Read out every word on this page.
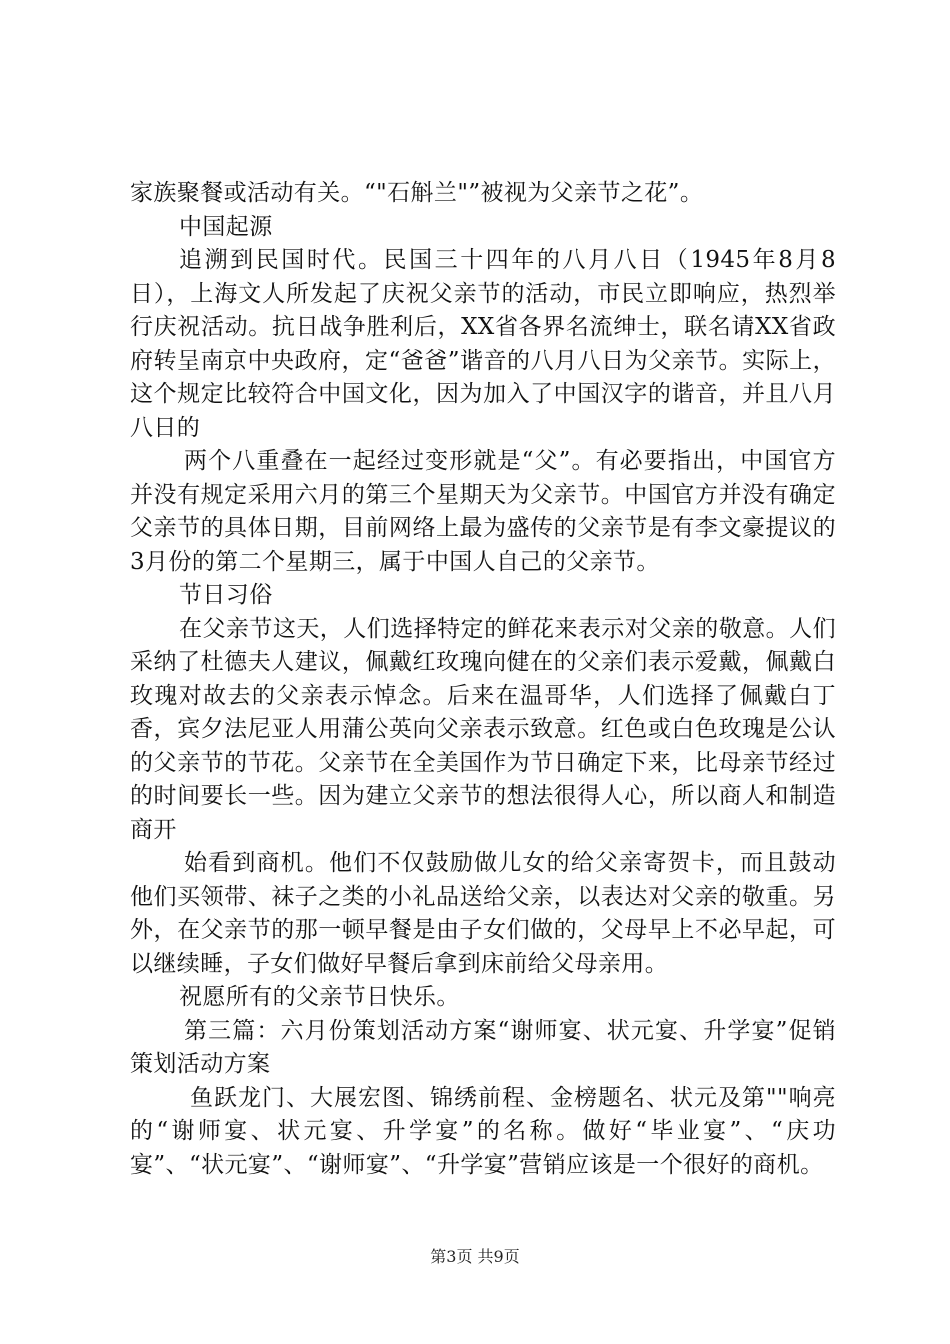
家族聚餐或活动有关。“"石斛兰"”被视为父亲节之花”。

中国起源

追溯到民国时代。民国三十四年的八月八日（1945年8月8日），上海文人所发起了庆祝父亲节的活动，市民立即响应，热烈举行庆祝活动。抗日战争胜利后，XX省各界名流绅士，联名请XX省政府转呈南京中央政府，定“爸爸”谐音的八月八日为父亲节。实际上，这个规定比较符合中国文化，因为加入了中国汉字的谐音，并且八月八日的

两个八重叠在一起经过变形就是“父”。有必要指出，中国官方并没有规定采用六月的第三个星期天为父亲节。中国官方并没有确定父亲节的具体日期，目前网络上最为盛传的父亲节是有李文豪提议的3月份的第二个星期三，属于中国人自己的父亲节。

节日习俗

在父亲节这天，人们选择特定的鲜花来表示对父亲的敬意。人们采纳了杜德夫人建议，佩戴红玫瑰向健在的父亲们表示爱戴，佩戴白玫瑰对故去的父亲表示悼念。后来在温哥华，人们选择了佩戴白丁香，宾夕法尼亚人用蒲公英向父亲表示致意。红色或白色玫瑰是公认的父亲节的节花。父亲节在全美国作为节日确定下来，比母亲节经过的时间要长一些。因为建立父亲节的想法很得人心，所以商人和制造商开

始看到商机。他们不仅鼓励做儿女的给父亲寄贺卡，而且鼓动他们买领带、袜子之类的小礼品送给父亲，以表达对父亲的敬重。另外，在父亲节的那一顿早餐是由子女们做的，父母早上不必早起，可以继续睡，子女们做好早餐后拿到床前给父母亲用。

祝愿所有的父亲节日快乐。

第三篇：六月份策划活动方案“谢师宴、状元宴、升学宴”促销策划活动方案

鱼跃龙门、大展宏图、锦绣前程、金榜题名、状元及第""响亮的“谢师宴、状元宴、升学宴”的名称。做好“毕业宴”、“庆功宴”、“状元宴”、“谢师宴”、“升学宴”营销应该是一个很好的商机。

第3页 共9页
